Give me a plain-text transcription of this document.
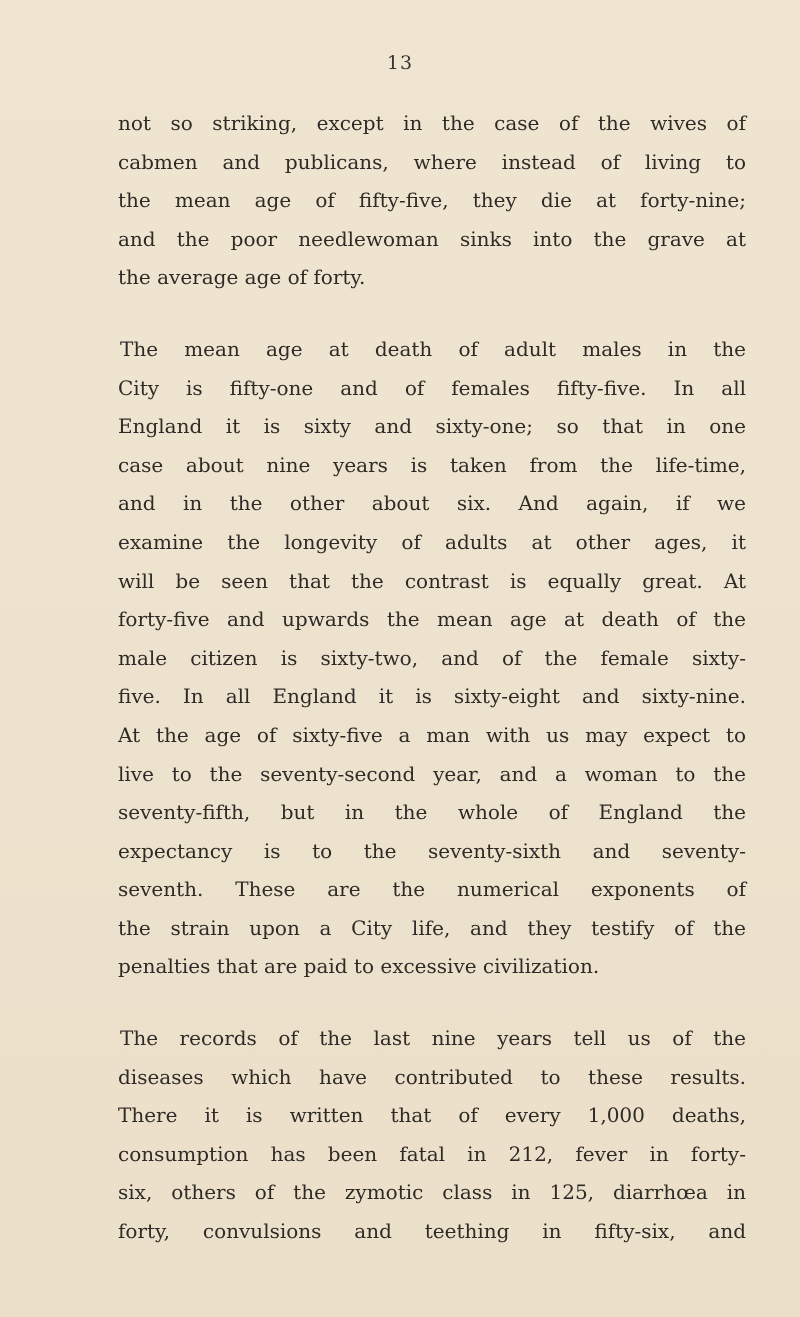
13

not so striking, except in the case of the wives of
cabmen and publicans, where instead of living to
the mean age of fifty-five, they die at forty-nine;
and the poor needlewoman sinks into the grave at
the average age of forty.

The mean age at death of adult males in the
City is fifty-one and of females fifty-five. In all
England it is sixty and sixty-one; so that in one
case about nine years is taken from the life-time,
and in the other about six. And again, if we
examine the longevity of adults at other ages, it
will be seen that the contrast is equally great. At
forty-five and upwards the mean age at death of the
male citizen is sixty-two, and of the female sixty-
five. In all England it is sixty-eight and sixty-nine.
At the age of sixty-five a man with us may expect to
live to the seventy-second year, and a woman to the
seventy-fifth, but in the whole of England the
expectancy is to the seventy-sixth and seventy-
seventh. These are the numerical exponents of
the strain upon a City life, and they testify of the
penalties that are paid to excessive civilization.

The records of the last nine years tell us of the
diseases which have contributed to these results.
There it is written that of every 1,000 deaths,
consumption has been fatal in 212, fever in forty-
six, others of the zymotic class in 125, diarrhœa in
forty, convulsions and teething in fifty-six, and
